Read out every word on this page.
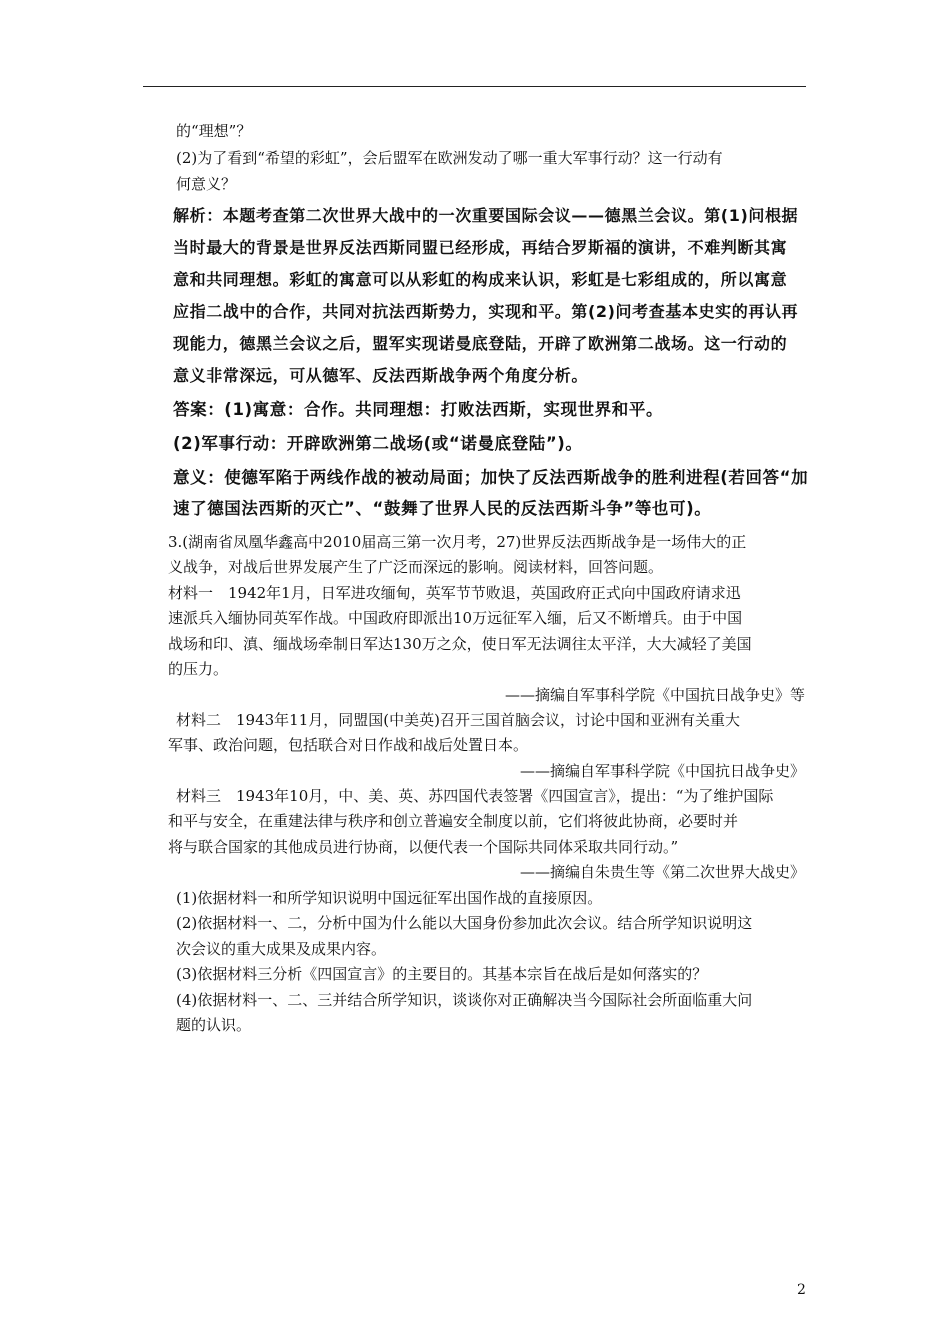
的“理想”？
(2)为了看到“希望的彩虹”，会后盟军在欧洲发动了哪一重大军事行动？这一行动有
何意义？
解析：本题考查第二次世界大战中的一次重要国际会议——德黑兰会议。第(1)问根据
当时最大的背景是世界反法西斯同盟已经形成，再结合罗斯福的演讲，不难判断其寓
意和共同理想。彩虹的寓意可以从彩虹的构成来认识，彩虹是七彩组成的，所以寓意
应指二战中的合作，共同对抗法西斯势力，实现和平。第(2)问考查基本史实的再认再
现能力，德黑兰会议之后，盟军实现诺曼底登陆，开辟了欧洲第二战场。这一行动的
意义非常深远，可从德军、反法西斯战争两个角度分析。
答案：(1)寓意：合作。共同理想：打败法西斯，实现世界和平。
(2)军事行动：开辟欧洲第二战场(或“诺曼底登陆”)。
意义：使德军陷于两线作战的被动局面；加快了反法西斯战争的胜利进程(若回答“加
速了德国法西斯的灭亡”、“鼓舞了世界人民的反法西斯斗争”等也可)。
3.(湖南省凤凰华鑫高中2010届高三第一次月考，27)世界反法西斯战争是一场伟大的正
义战争，对战后世界发展产生了广泛而深远的影响。阅读材料，回答问题。
材料一　1942年1月，日军进攻缅甸，英军节节败退，英国政府正式向中国政府请求迅
速派兵入缅协同英军作战。中国政府即派出10万远征军入缅，后又不断增兵。由于中国
战场和印、滇、缅战场牵制日军达130万之众，使日军无法调往太平洋，大大减轻了美国
的压力。
——摘编自军事科学院《中国抗日战争史》等
材料二　1943年11月，同盟国(中美英)召开三国首脑会议，讨论中国和亚洲有关重大
军事、政治问题，包括联合对日作战和战后处置日本。
——摘编自军事科学院《中国抗日战争史》
材料三　1943年10月，中、美、英、苏四国代表签署《四国宣言》，提出：“为了维护国际
和平与安全，在重建法律与秩序和创立普遍安全制度以前，它们将彼此协商，必要时并
将与联合国家的其他成员进行协商，以便代表一个国际共同体采取共同行动。”
——摘编自朱贵生等《第二次世界大战史》
(1)依据材料一和所学知识说明中国远征军出国作战的直接原因。
(2)依据材料一、二，分析中国为什么能以大国身份参加此次会议。结合所学知识说明这
次会议的重大成果及成果内容。
(3)依据材料三分析《四国宣言》的主要目的。其基本宗旨在战后是如何落实的？
(4)依据材料一、二、三并结合所学知识，谈谈你对正确解决当今国际社会所面临重大问
题的认识。
2
